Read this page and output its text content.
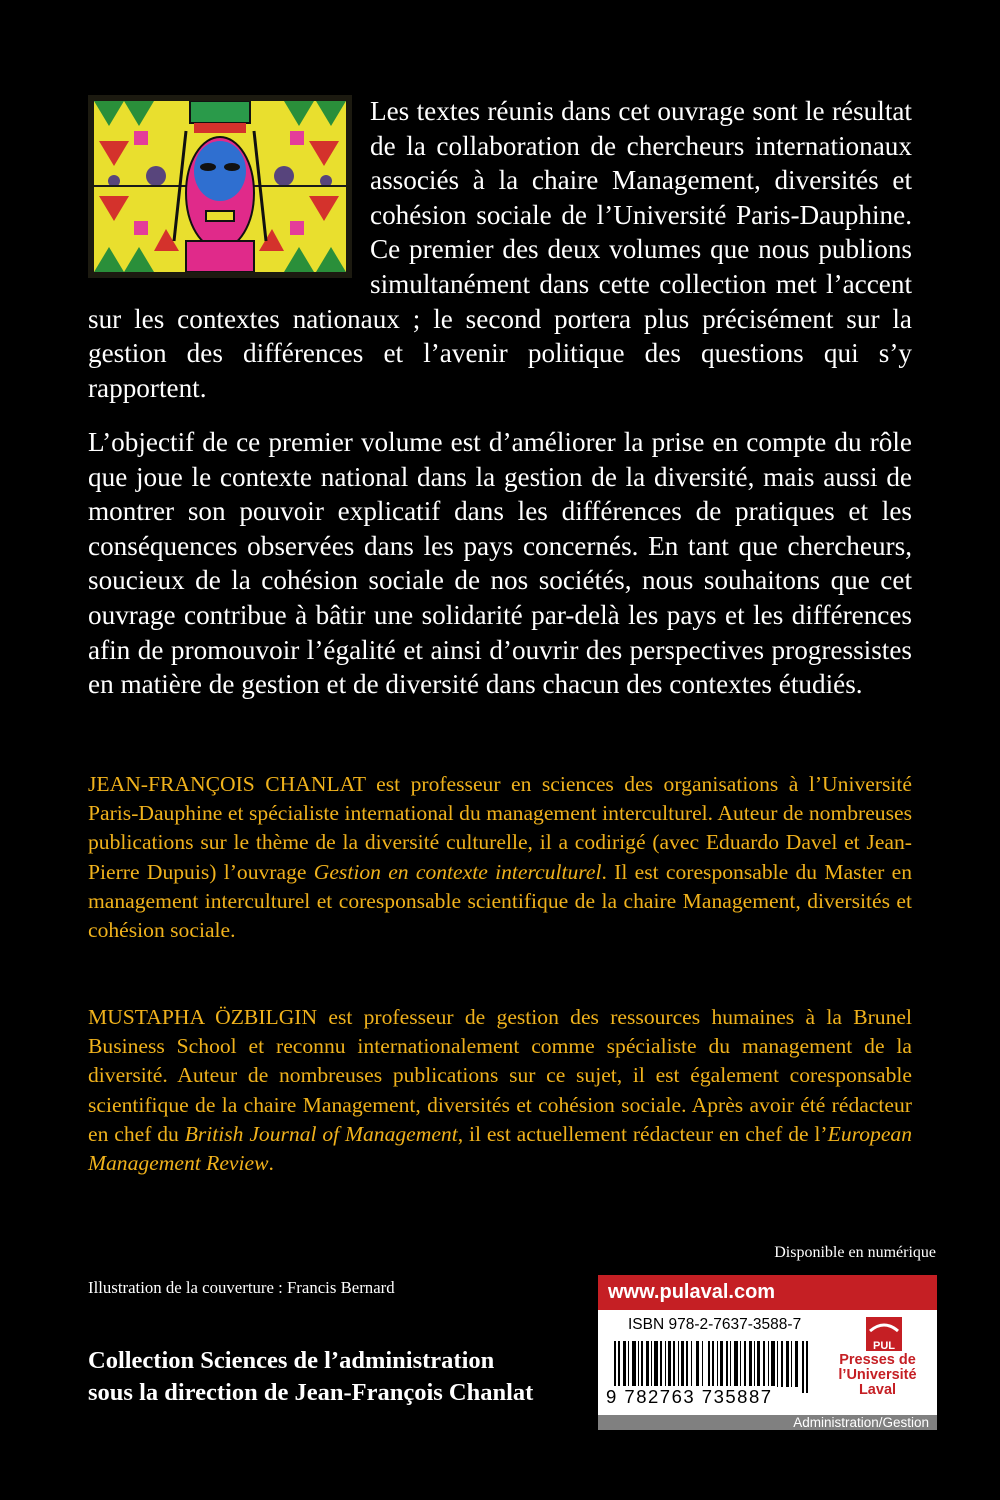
Les textes réunis dans cet ouvrage sont le résultat de la collaboration de chercheurs internationaux associés à la chaire Management, diversités et cohésion sociale de l’Université Paris-Dauphine. Ce premier des deux volumes que nous publions simultanément dans cette collection met l’accent sur les contextes nationaux ; le second portera plus précisément sur la gestion des différences et l’avenir politique des questions qui s’y rapportent.

L’objectif de ce premier volume est d’améliorer la prise en compte du rôle que joue le contexte national dans la gestion de la diversité, mais aussi de montrer son pouvoir explicatif dans les différences de pratiques et les conséquences observées dans les pays concernés. En tant que chercheurs, soucieux de la cohésion sociale de nos sociétés, nous souhaitons que cet ouvrage contribue à bâtir une solidarité par-delà les pays et les différences afin de promouvoir l’égalité et ainsi d’ouvrir des perspectives progressistes en matière de gestion et de diversité dans chacun des contextes étudiés.

JEAN-FRANÇOIS CHANLAT est professeur en sciences des organisations à l’Université Paris-Dauphine et spécialiste international du management interculturel. Auteur de nombreuses publications sur le thème de la diversité culturelle, il a codirigé (avec Eduardo Davel et Jean-Pierre Dupuis) l’ouvrage Gestion en contexte interculturel. Il est coresponsable du Master en management interculturel et coresponsable scientifique de la chaire Management, diversités et cohésion sociale.

MUSTAPHA ÖZBILGIN est professeur de gestion des ressources humaines à la Brunel Business School et reconnu internationalement comme spécialiste du management de la diversité. Auteur de nombreuses publications sur ce sujet, il est également coresponsable scientifique de la chaire Management, diversités et cohésion sociale. Après avoir été rédacteur en chef du British Journal of Management, il est actuellement rédacteur en chef de l’European Management Review.

Disponible en numérique
Illustration de la couverture : Francis Bernard
Collection Sciences de l’administration
sous la direction de Jean-François Chanlat
www.pulaval.com
ISBN 978-2-7637-3588-7
9 782763 735887
PUL
Presses de
l’Université
Laval
Administration/Gestion
